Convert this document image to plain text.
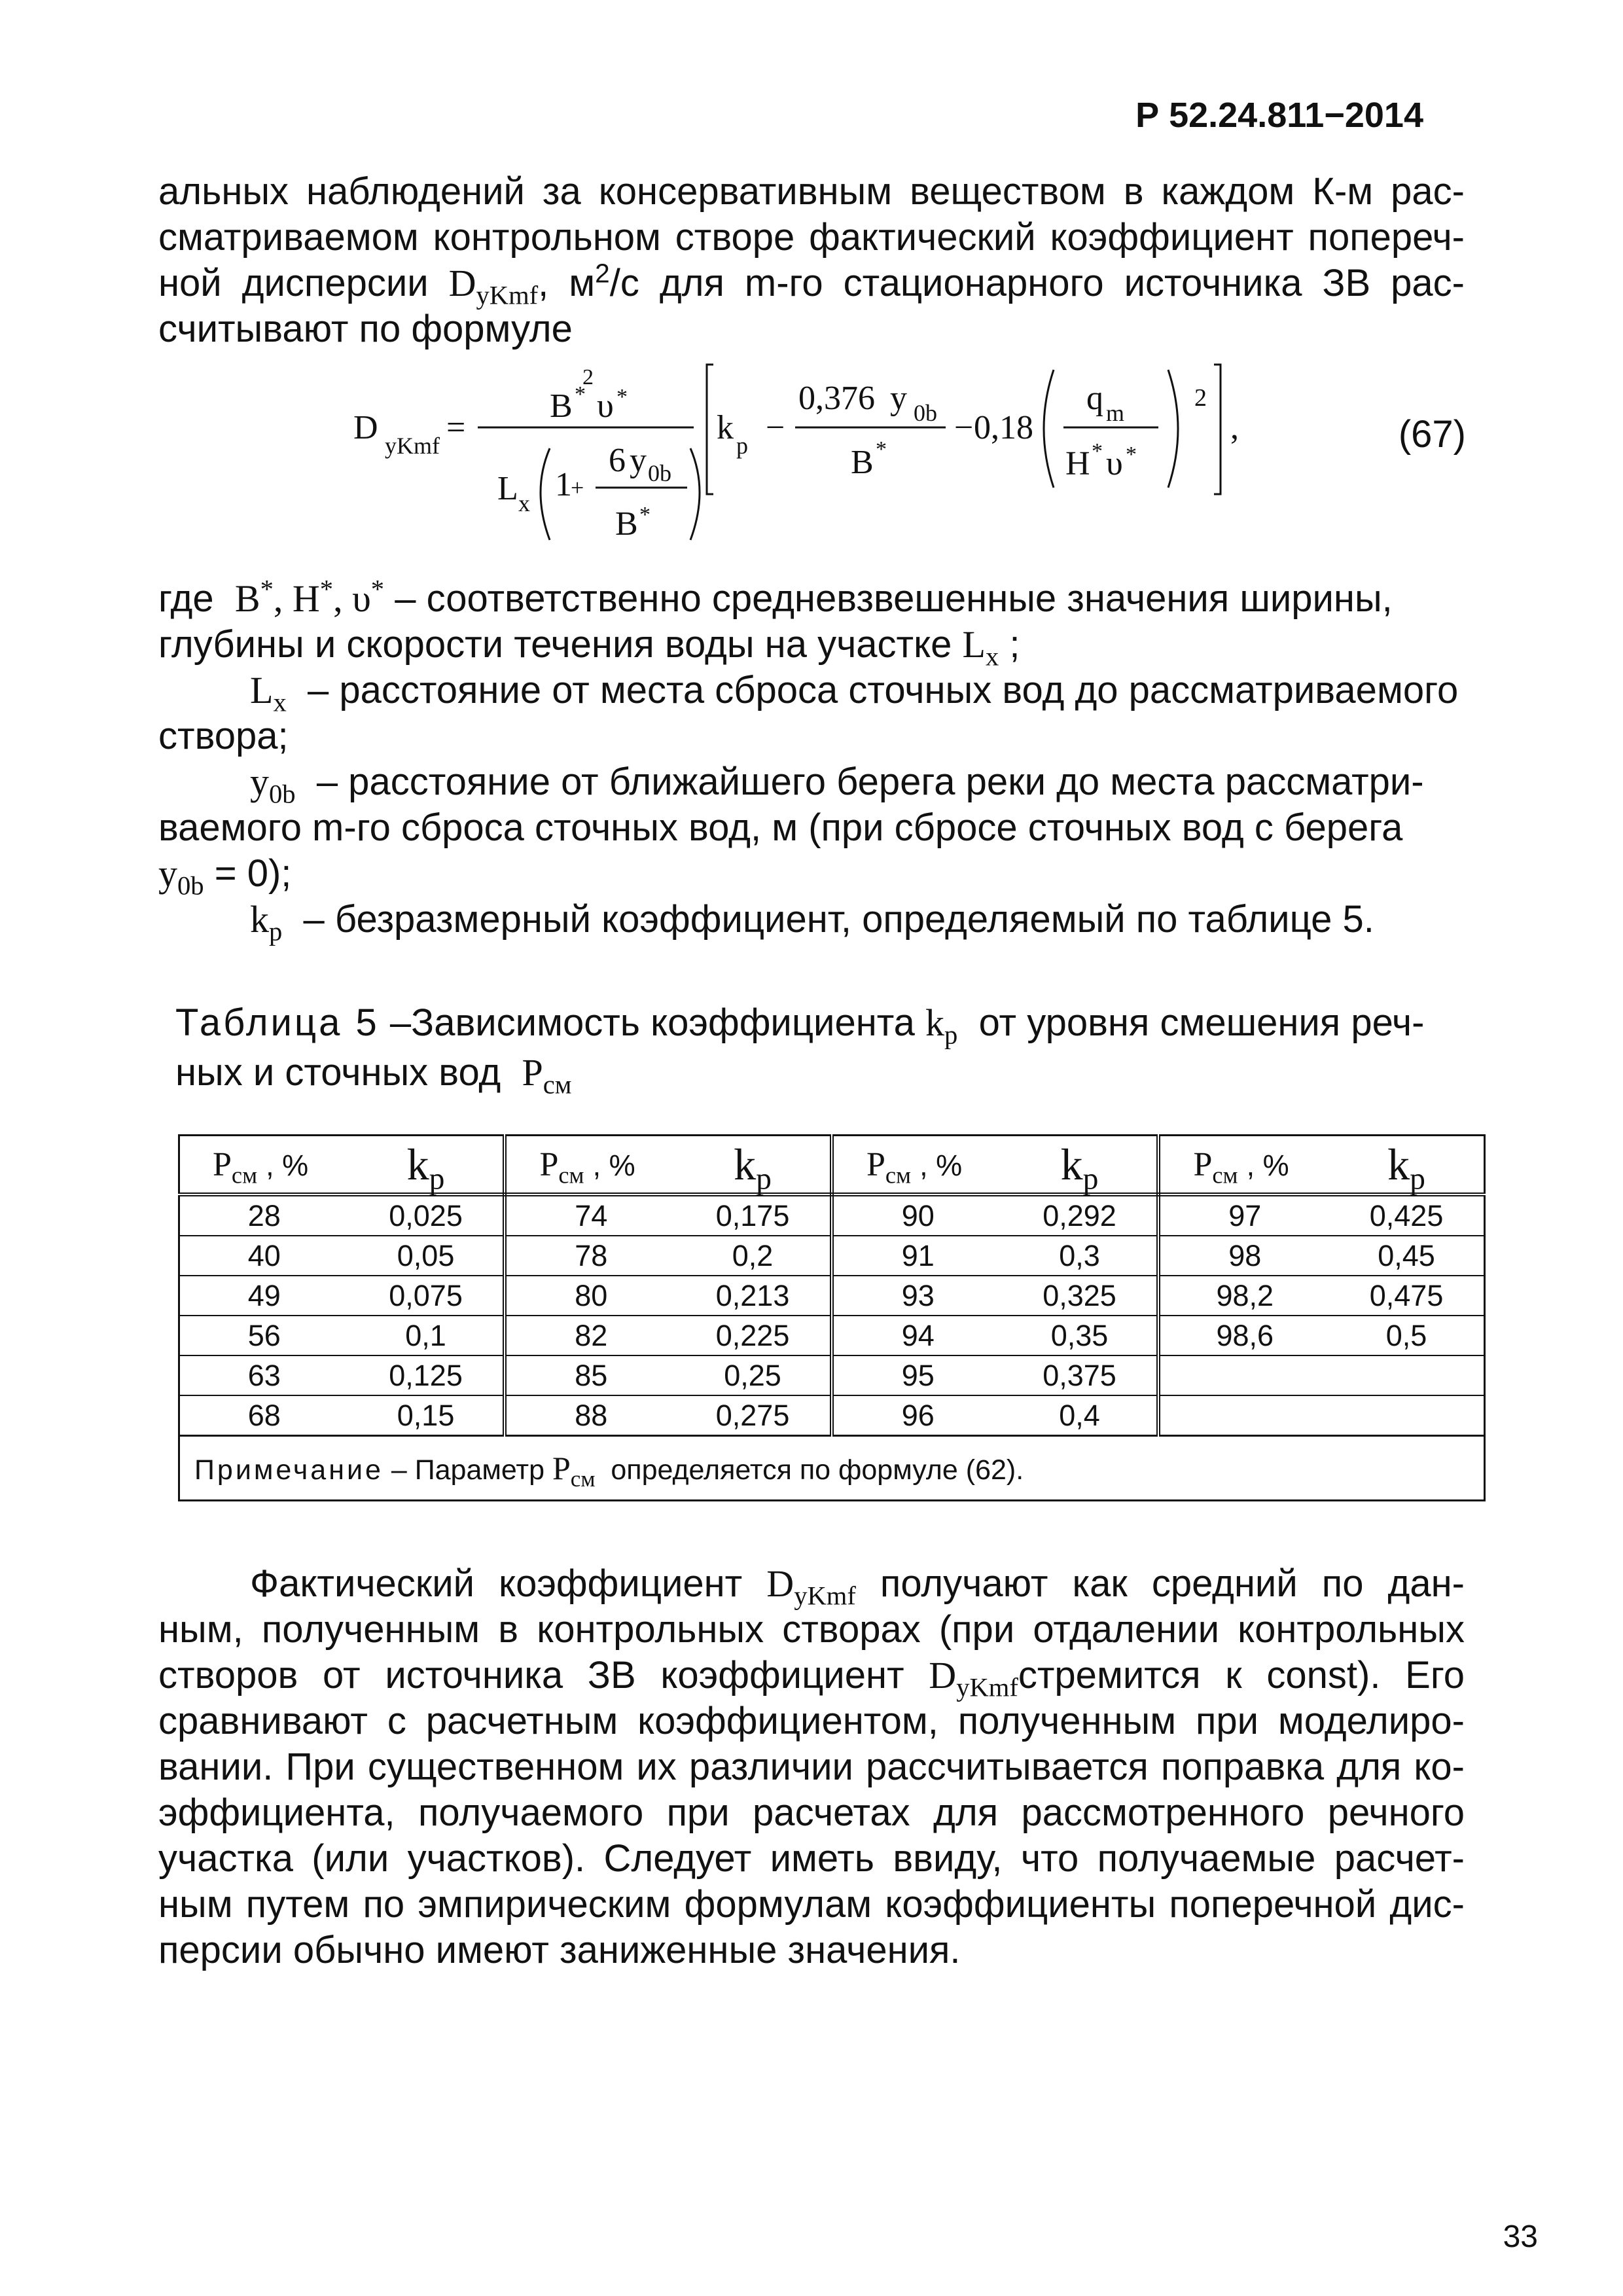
Р 52.24.811−2014

альных наблюдений за консервативным веществом в каждом К-м рас-

сматриваемом контрольном створе фактический коэффициент попереч-

ной дисперсии $D_{yKmf}$, $м^2/с$ для m-го стационарного источника ЗВ рас-

считывают по формуле

D yKmf =
B *
2
υ *
L x 1
+
6 y 0b
B *
k p −
0,376 y 0b
B *
− 0,18
q m
H * υ *
2
,	(67)

где B*, H*, υ* – соответственно средневзвешенные значения ширины,

глубины и скорости течения воды на участке $L_x$ ;

$L_x$ – расстояние от места сброса сточных вод до рассматриваемого

створа;

$y_{0b}$ – расстояние от ближайшего берега реки до места рассматри-

ваемого m-го сброса сточных вод, м (при сбросе сточных вод с берега

$y_{0b} = 0$);

$k_p$ – безразмерный коэффициент, определяемый по таблице 5.

Таблица 5 –Зависимость коэффициента $k_p$ от уровня смешения реч-
ных и сточных вод $P_{см}$
$P_{см}$ , %	$k_p$	$P_{см}$ , %	$k_p$	$P_{см}$ , %	$k_p$	$P_{см}$ , %	$k_p$
28	0,025	74	0,175	90	0,292	97	0,425
40	0,05	78	0,2	91	0,3	98	0,45
49	0,075	80	0,213	93	0,325	98,2	0,475
56	0,1	82	0,225	94	0,35	98,6	0,5
63	0,125	85	0,25	95	0,375		
68	0,15	88	0,275	96	0,4		
Примечание – Параметр $P_{см}$ определяется по формуле (62).							

Фактический коэффициент $D_{yKmf}$ получают как средний по дан-

ным, полученным в контрольных створах (при отдалении контрольных

створов от источника ЗВ коэффициент $D_{yKmf}стремится$ к const). Его

сравнивают с расчетным коэффициентом, полученным при моделиро-

вании. При существенном их различии рассчитывается поправка для ко-

эффициента, получаемого при расчетах для рассмотренного речного

участка (или участков). Следует иметь ввиду, что получаемые расчет-

ным путем по эмпирическим формулам коэффициенты поперечной дис-

персии обычно имеют заниженные значения.

33
